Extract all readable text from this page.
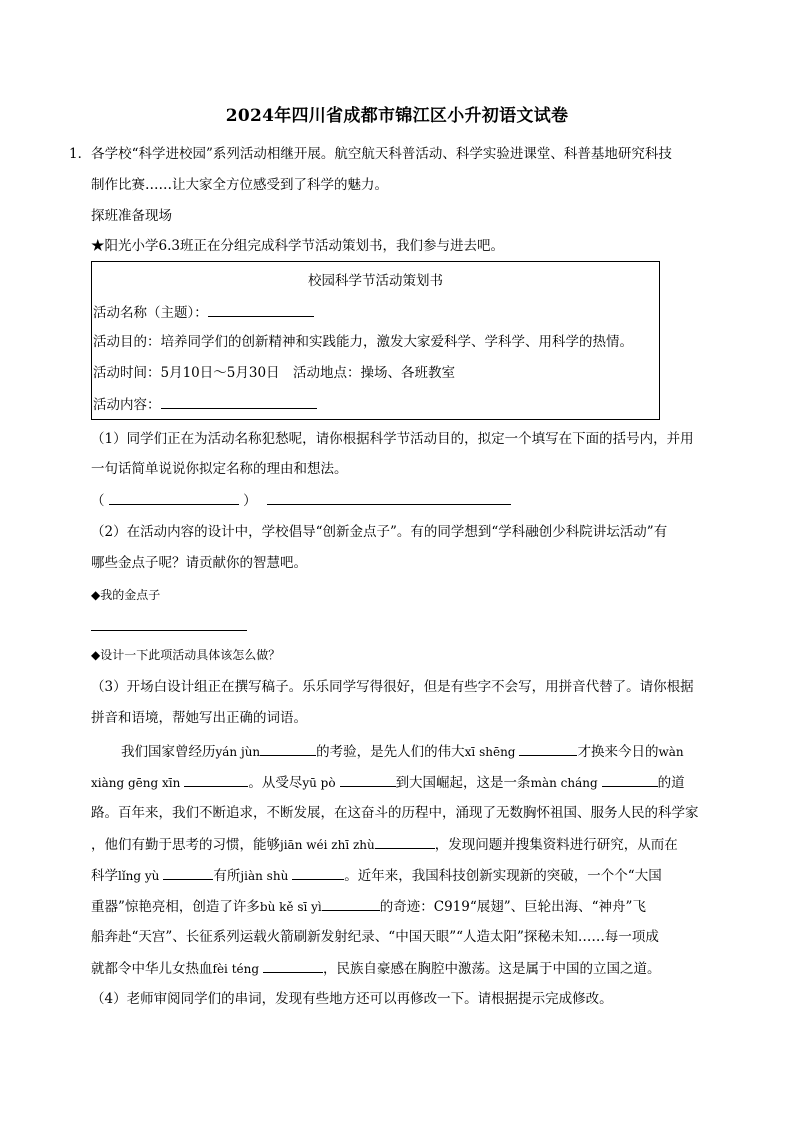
2024年四川省成都市锦江区小升初语文试卷
1．各学校“科学进校园”系列活动相继开展。航空航天科普活动、科学实验进课堂、科普基地研究科技
制作比赛……让大家全方位感受到了科学的魅力。
探班准备现场
★阳光小学6.3班正在分组完成科学节活动策划书，我们参与进去吧。
校园科学节活动策划书
活动名称（主题）：
活动目的：培养同学们的创新精神和实践能力，激发大家爱科学、学科学、用科学的热情。
活动时间：5月10日～5月30日　活动地点：操场、各班教室
活动内容：
（1）同学们正在为活动名称犯愁呢，请你根据科学节活动目的，拟定一个填写在下面的括号内，并用
一句话简单说说你拟定名称的理由和想法。
（	）
（2）在活动内容的设计中，学校倡导“创新金点子”。有的同学想到“学科融创少科院讲坛活动”有
哪些金点子呢？请贡献你的智慧吧。
◆我的金点子
◆设计一下此项活动具体该怎么做？
（3）开场白设计组正在撰写稿子。乐乐同学写得很好，但是有些字不会写，用拼音代替了。请你根据
拼音和语境，帮她写出正确的词语。
我们国家曾经历yán jùn	的考验，是先人们的伟大xī shēng	才换来今日的wàn
xiàng gēng xīn	。从受尽yū pò	到大国崛起，这是一条màn cháng	的道
路。百年来，我们不断追求，不断发展，在这奋斗的历程中，涌现了无数胸怀祖国、服务人民的科学家
，他们有勤于思考的习惯，能够jiān wéi zhī zhù	，发现问题并搜集资料进行研究，从而在
科学lǐng yù	有所jiàn shù	。近年来，我国科技创新实现新的突破，一个个“大国
重器”惊艳亮相，创造了许多bù kě sī yì	的奇迹：C919“展翅”、巨轮出海、“神舟”飞
船奔赴“天宫”、长征系列运载火箭刷新发射纪录、“中国天眼”“人造太阳”探秘未知……每一项成
就都令中华儿女热血fèi téng	，民族自豪感在胸腔中激荡。这是属于中国的立国之道。
（4）老师审阅同学们的串词，发现有些地方还可以再修改一下。请根据提示完成修改。
